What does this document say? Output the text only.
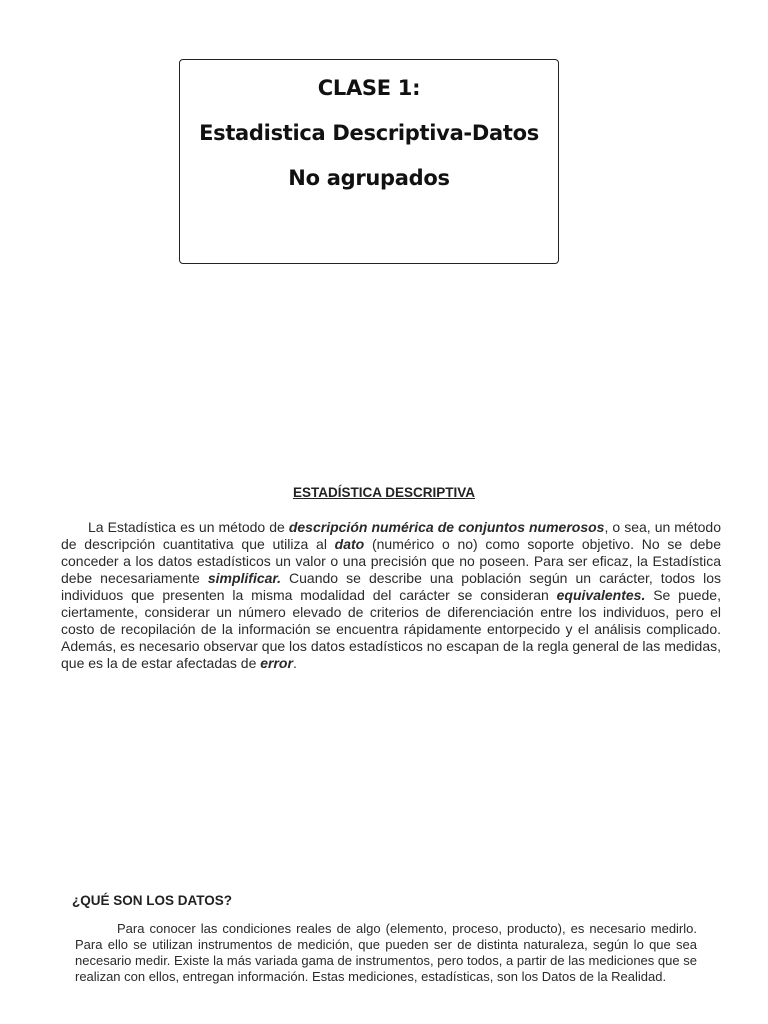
CLASE 1:
Estadistica Descriptiva-Datos
No agrupados
ESTADÍSTICA DESCRIPTIVA
La Estadística es un método de descripción numérica de conjuntos numerosos, o sea, un método de descripción cuantitativa que utiliza al dato (numérico o no) como soporte objetivo. No se debe conceder a los datos estadísticos un valor o una precisión que no poseen. Para ser eficaz, la Estadística debe necesariamente simplificar. Cuando se describe una población según un carácter, todos los individuos que presenten la misma modalidad del carácter se consideran equivalentes. Se puede, ciertamente, considerar un número elevado de criterios de diferenciación entre los individuos, pero el costo de recopilación de la información se encuentra rápidamente entorpecido y el análisis complicado. Además, es necesario observar que los datos estadísticos no escapan de la regla general de las medidas, que es la de estar afectadas de error.
¿QUÉ SON LOS DATOS?
Para conocer las condiciones reales de algo (elemento, proceso, producto), es necesario medirlo. Para ello se utilizan instrumentos de medición, que pueden ser de distinta naturaleza, según lo que sea necesario medir. Existe la más variada gama de instrumentos, pero todos, a partir de las mediciones que se realizan con ellos, entregan información. Estas mediciones, estadísticas, son los Datos de la Realidad.
